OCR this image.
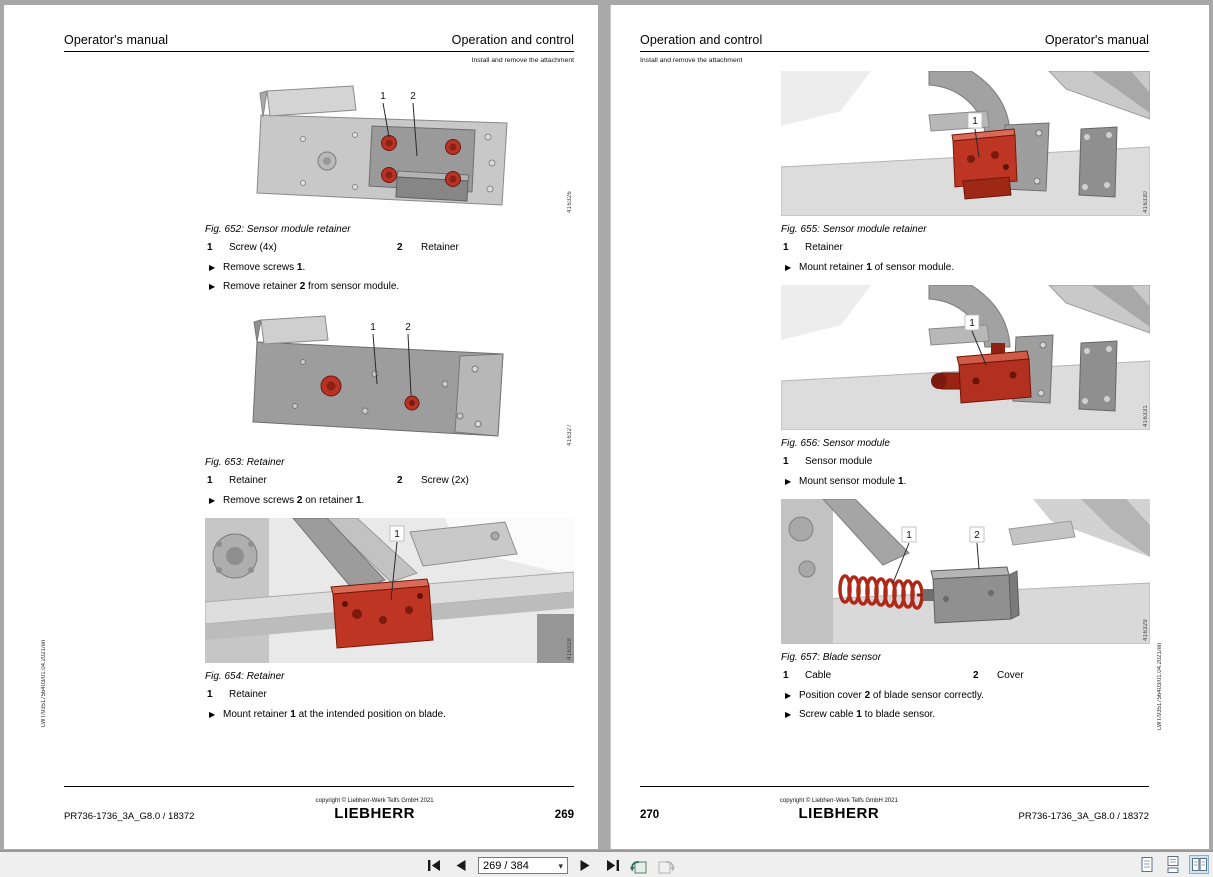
Operator's manual	Operation and control
Install and remove the attachment
1 2
416326
Fig. 652: Sensor module retainer
1	Screw (4x)	2	Retainer
▶
Remove screws 1.
▶
Remove retainer 2 from sensor module.
1	2
416327
Fig. 653: Retainer
1	Retainer	2	Screw (2x)
▶
Remove screws 2 on retainer 1.
1
416328
Fig. 654: Retainer
1	Retainer
▶
Mount retainer 1 at the intended position on blade.
LWT/9351756403/01.04.2021/en
PR736-1736_3A_G8.0 / 18372
copyright © Liebherr-Werk Telfs GmbH 2021
LIEBHERR	269
Operation and control	Operator's manual
Install and remove the attachment
1
416330
Fig. 655: Sensor module retainer
1	Retainer
▶
Mount retainer 1 of sensor module.
1
416331
Fig. 656: Sensor module
1	Sensor module
▶
Mount sensor module 1.
1	2
416329
Fig. 657: Blade sensor
1	Cable	2	Cover
▶
Position cover 2 of blade sensor correctly.
▶
Screw cable 1 to blade sensor.	LWT/9351756403/01.04.2021/en
270
copyright © Liebherr-Werk Telfs GmbH 2021
LIEBHERR	PR736-1736_3A_G8.0 / 18372
269 / 384
▾
